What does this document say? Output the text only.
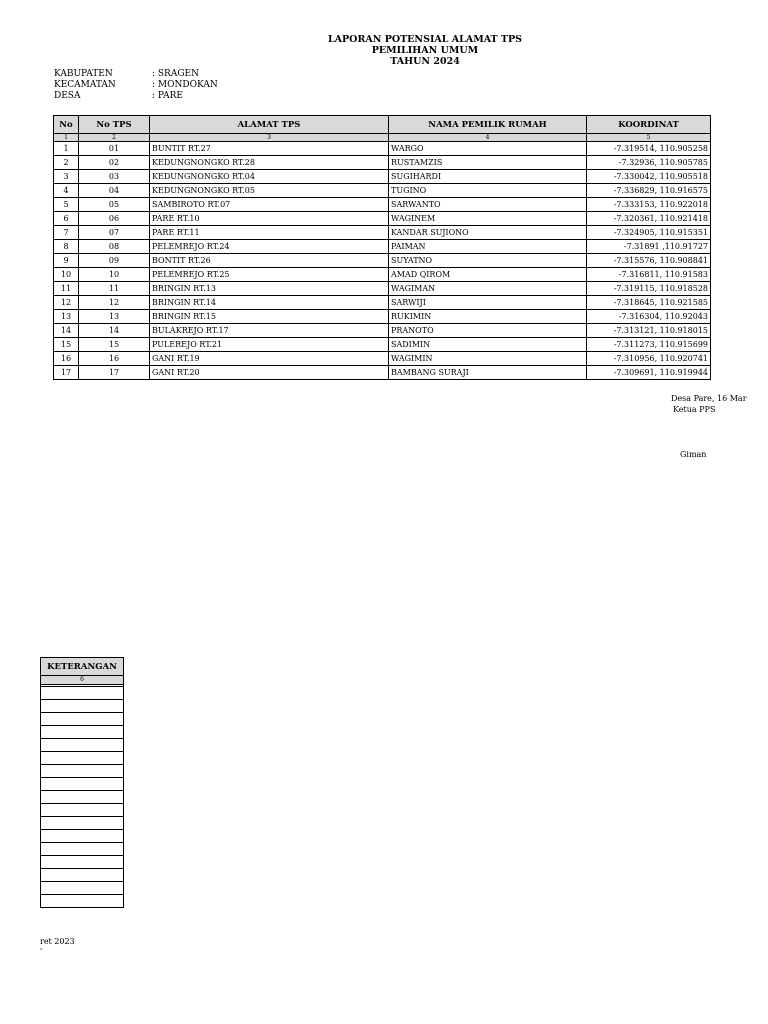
LAPORAN POTENSIAL ALAMAT TPS
PEMILIHAN UMUM
TAHUN 2024
KABUPATEN	: SRAGEN
KECAMATAN	: MONDOKAN
DESA	: PARE
No	No TPS	ALAMAT TPS	NAMA PEMILIK RUMAH	KOORDINAT
1	2	3	4	5
1	01	BUNTIT RT.27	WARGO	-7.319514, 110.905258
2	02	KEDUNGNONGKO RT.28	RUSTAMZIS	-7.32936, 110.905785
3	03	KEDUNGNONGKO RT.04	SUGIHARDI	-7.330042, 110.905518
4	04	KEDUNGNONGKO RT.05	TUGINO	-7.336829, 110.916575
5	05	SAMBIROTO RT.07	SARWANTO	-7.333153, 110.922018
6	06	PARE RT.10	WAGINEM	-7.320361, 110.921418
7	07	PARE RT.11	KANDAR SUJIONO	-7.324905, 110.915351
8	08	PELEMREJO RT.24	PAIMAN	-7.31891 ,110.91727
9	09	BONTIT RT.26	SUYATNO	-7.315576, 110.908841
10	10	PELEMREJO RT.25	AMAD QIROM	-7.316811, 110.91583
11	11	BRINGIN RT.13	WAGIMAN	-7.319115, 110.918528
12	12	BRINGIN RT.14	SARWIJI	-7.318645, 110.921585
13	13	BRINGIN RT.15	RUKIMIN	-7.316304, 110.92043
14	14	BULAKREJO RT.17	PRANOTO	-7.313121, 110.918015
15	15	PULEREJO RT.21	SADIMIN	-7.311273, 110.915699
16	16	GANI RT.19	WAGIMIN	-7.310956, 110.920741
17	17	GANI RT.20	BAMBANG SURAJI	-7.309691, 110.919944
Desa Pare, 16 Mar
Ketua PPS
Giman
KETERANGAN
6

ret 2023
'
